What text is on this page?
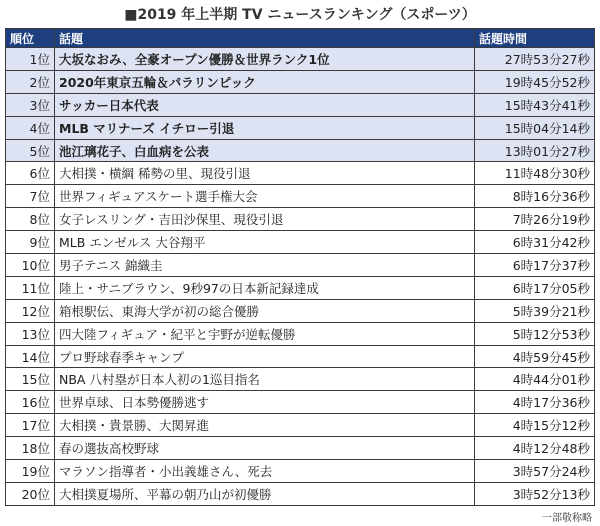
■2019 年上半期 TV ニュースランキング（スポーツ）
順位	話題	話題時間
1位	大坂なおみ、全豪オープン優勝＆世界ランク1位	27時53分27秒
2位	2020年東京五輪＆パラリンピック	19時45分52秒
3位	サッカー日本代表	15時43分41秒
4位	MLB マリナーズ イチロー引退	15時04分14秒
5位	池江璃花子、白血病を公表	13時01分27秒
6位	大相撲・横綱 稀勢の里、現役引退	11時48分30秒
7位	世界フィギュアスケート選手権大会	8時16分36秒
8位	女子レスリング・吉田沙保里、現役引退	7時26分19秒
9位	MLB エンゼルス 大谷翔平	6時31分42秒
10位	男子テニス 錦織圭	6時17分37秒
11位	陸上・サニブラウン、9秒97の日本新記録達成	6時17分05秒
12位	箱根駅伝、東海大学が初の総合優勝	5時39分21秒
13位	四大陸フィギュア・紀平と宇野が逆転優勝	5時12分53秒
14位	プロ野球春季キャンプ	4時59分45秒
15位	NBA 八村塁が日本人初の1巡目指名	4時44分01秒
16位	世界卓球、日本勢優勝逃す	4時17分36秒
17位	大相撲・貴景勝、大関昇進	4時15分12秒
18位	春の選抜高校野球	4時12分48秒
19位	マラソン指導者・小出義雄さん、死去	3時57分24秒
20位	大相撲夏場所、平幕の朝乃山が初優勝	3時52分13秒
一部敬称略
